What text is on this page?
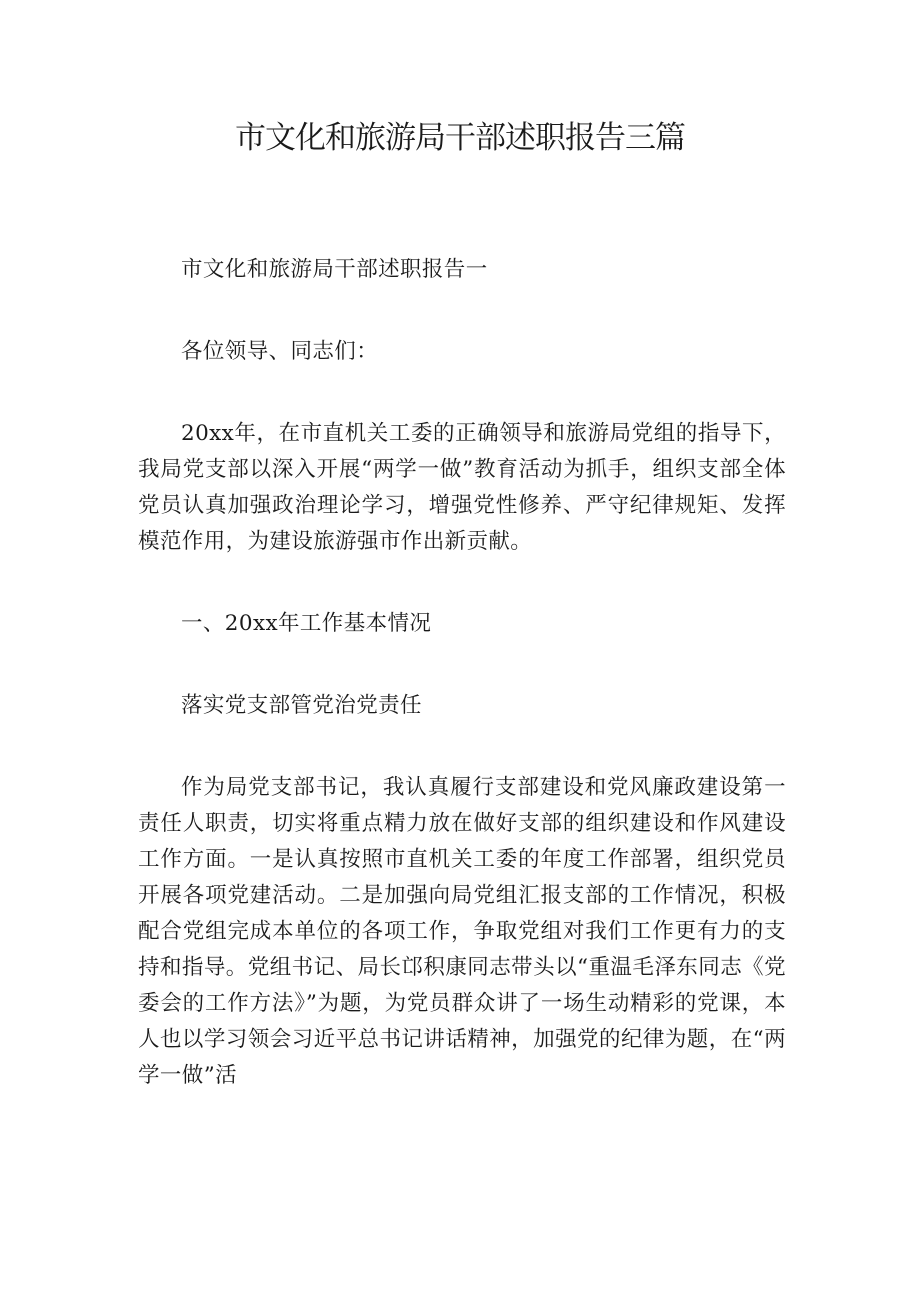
市文化和旅游局干部述职报告三篇

市文化和旅游局干部述职报告一

各位领导、同志们：

20xx年，在市直机关工委的正确领导和旅游局党组的指导下，我局党支部以深入开展“两学一做”教育活动为抓手，组织支部全体党员认真加强政治理论学习，增强党性修养、严守纪律规矩、发挥模范作用，为建设旅游强市作出新贡献。

一、20xx年工作基本情况

落实党支部管党治党责任

作为局党支部书记，我认真履行支部建设和党风廉政建设第一责任人职责，切实将重点精力放在做好支部的组织建设和作风建设工作方面。一是认真按照市直机关工委的年度工作部署，组织党员开展各项党建活动。二是加强向局党组汇报支部的工作情况，积极配合党组完成本单位的各项工作，争取党组对我们工作更有力的支持和指导。党组书记、局长邙积康同志带头以“重温毛泽东同志《党委会的工作方法》”为题，为党员群众讲了一场生动精彩的党课，本人也以学习领会习近平总书记讲话精神，加强党的纪律为题，在“两学一做”活
